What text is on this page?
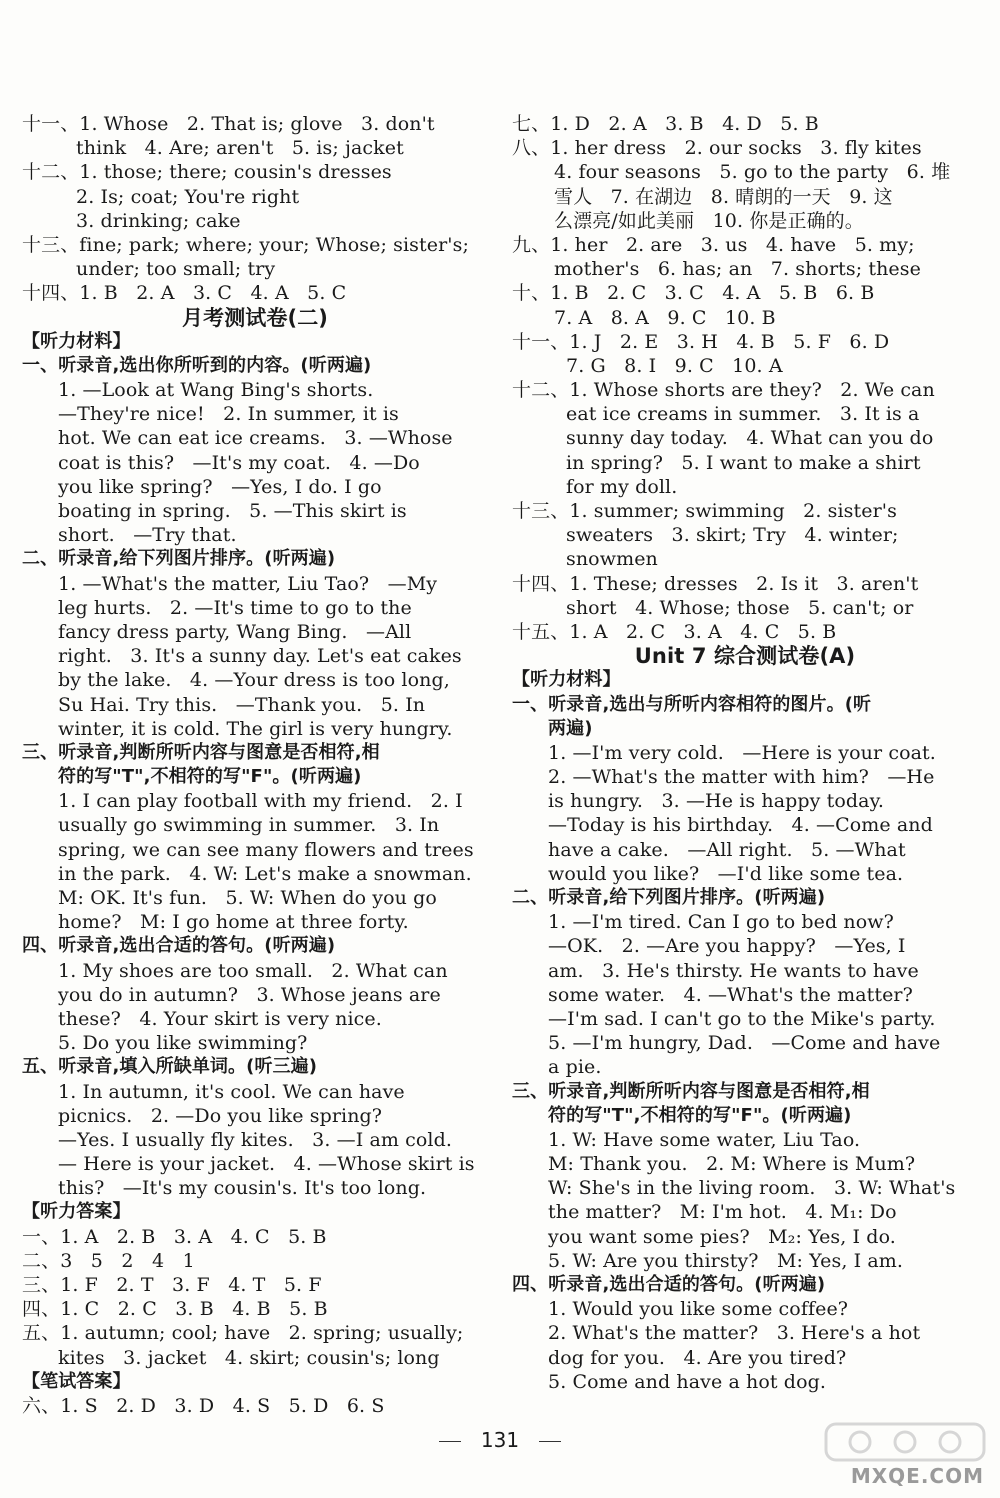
十一、1. Whose   2. That is; glove   3. don't
think   4. Are; aren't   5. is; jacket
十二、1. those; there; cousin's dresses
2. Is; coat; You're right
3. drinking; cake
十三、fine; park; where; your; Whose; sister's;
under; too small; try
十四、1. B   2. A   3. C   4. A   5. C
月考测试卷(二)
【听力材料】
一、听录音,选出你所听到的内容。(听两遍)
1. —Look at Wang Bing's shorts.
—They're nice!   2. In summer, it is
hot. We can eat ice creams.   3. —Whose
coat is this?   —It's my coat.   4. —Do
you like spring?   —Yes, I do. I go
boating in spring.   5. —This skirt is
short.   —Try that.
二、听录音,给下列图片排序。(听两遍)
1. —What's the matter, Liu Tao?   —My
leg hurts.   2. —It's time to go to the
fancy dress party, Wang Bing.   —All
right.   3. It's a sunny day. Let's eat cakes
by the lake.   4. —Your dress is too long,
Su Hai. Try this.   —Thank you.   5. In
winter, it is cold. The girl is very hungry.
三、听录音,判断所听内容与图意是否相符,相
符的写"T",不相符的写"F"。(听两遍)
1. I can play football with my friend.   2. I
usually go swimming in summer.   3. In
spring, we can see many flowers and trees
in the park.   4. W: Let's make a snowman.
M: OK. It's fun.   5. W: When do you go
home?   M: I go home at three forty.
四、听录音,选出合适的答句。(听两遍)
1. My shoes are too small.   2. What can
you do in autumn?   3. Whose jeans are
these?   4. Your skirt is very nice.
5. Do you like swimming?
五、听录音,填入所缺单词。(听三遍)
1. In autumn, it's cool. We can have
picnics.   2. —Do you like spring?
—Yes. I usually fly kites.   3. —I am cold.
— Here is your jacket.   4. —Whose skirt is
this?   —It's my cousin's. It's too long.
【听力答案】
一、1. A   2. B   3. A   4. C   5. B
二、3   5   2   4   1
三、1. F   2. T   3. F   4. T   5. F
四、1. C   2. C   3. B   4. B   5. B
五、1. autumn; cool; have   2. spring; usually;
kites   3. jacket   4. skirt; cousin's; long
【笔试答案】
六、1. S   2. D   3. D   4. S   5. D   6. S
七、1. D   2. A   3. B   4. D   5. B
八、1. her dress   2. our socks   3. fly kites
4. four seasons   5. go to the party   6. 堆
雪人   7. 在湖边   8. 晴朗的一天   9. 这
么漂亮/如此美丽   10. 你是正确的。
九、1. her   2. are   3. us   4. have   5. my;
mother's   6. has; an   7. shorts; these
十、1. B   2. C   3. C   4. A   5. B   6. B
7. A   8. A   9. C   10. B
十一、1. J   2. E   3. H   4. B   5. F   6. D
7. G   8. I   9. C   10. A
十二、1. Whose shorts are they?   2. We can
eat ice creams in summer.   3. It is a
sunny day today.   4. What can you do
in spring?   5. I want to make a shirt
for my doll.
十三、1. summer; swimming   2. sister's
sweaters   3. skirt; Try   4. winter;
snowmen
十四、1. These; dresses   2. Is it   3. aren't
short   4. Whose; those   5. can't; or
十五、1. A   2. C   3. A   4. C   5. B
Unit 7 综合测试卷(A)
【听力材料】
一、听录音,选出与所听内容相符的图片。(听
两遍)
1. —I'm very cold.   —Here is your coat.
2. —What's the matter with him?   —He
is hungry.   3. —He is happy today.
—Today is his birthday.   4. —Come and
have a cake.   —All right.   5. —What
would you like?   —I'd like some tea.
二、听录音,给下列图片排序。(听两遍)
1. —I'm tired. Can I go to bed now?
—OK.   2. —Are you happy?   —Yes, I
am.   3. He's thirsty. He wants to have
some water.   4. —What's the matter?
—I'm sad. I can't go to the Mike's party.
5. —I'm hungry, Dad.   —Come and have
a pie.
三、听录音,判断所听内容与图意是否相符,相
符的写"T",不相符的写"F"。(听两遍)
1. W: Have some water, Liu Tao.
M: Thank you.   2. M: Where is Mum?
W: She's in the living room.   3. W: What's
the matter?   M: I'm hot.   4. M₁: Do
you want some pies?   M₂: Yes, I do.
5. W: Are you thirsty?   M: Yes, I am.
四、听录音,选出合适的答句。(听两遍)
1. Would you like some coffee?
2. What's the matter?   3. Here's a hot
dog for you.   4. Are you tired?
5. Come and have a hot dog.
131
MXQE.COM
